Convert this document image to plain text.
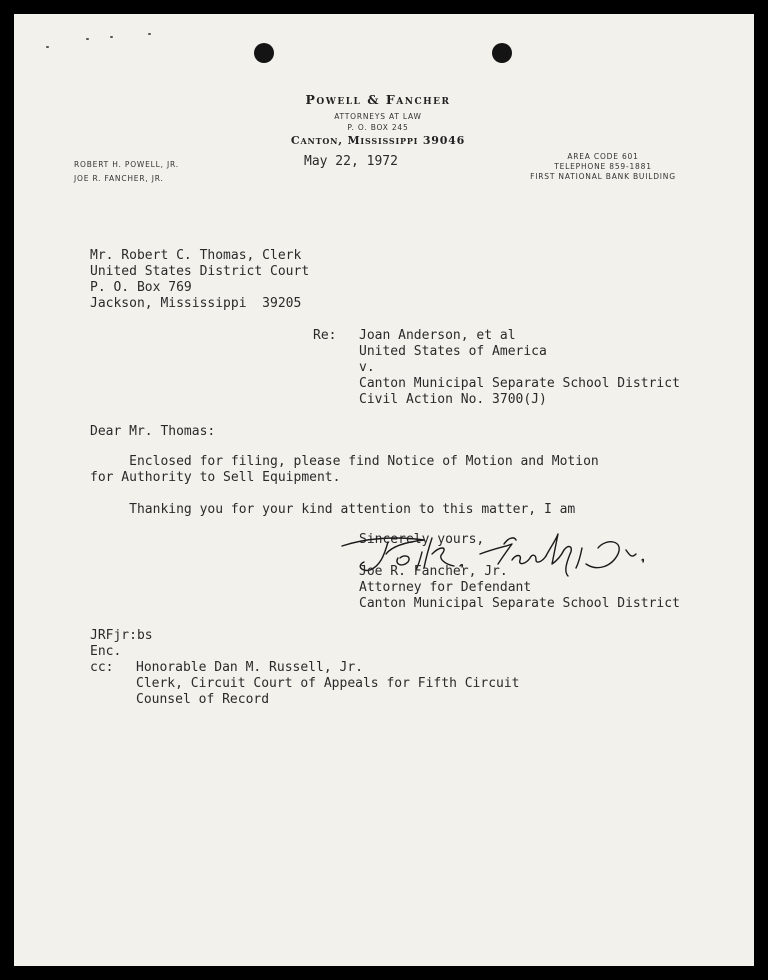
Powell & Fancher
ATTORNEYS AT LAW
P. O. BOX 245
Canton, Mississippi 39046
ROBERT H. POWELL, JR.
JOE R. FANCHER, JR.
AREA CODE 601
TELEPHONE 859-1881
FIRST NATIONAL BANK BUILDING
May 22, 1972
Mr. Robert C. Thomas, Clerk
United States District Court
P. O. Box 769
Jackson, Mississippi  39205
Re: Joan Anderson, et al
United States of America
v.
Canton Municipal Separate School District
Civil Action No. 3700(J)
Dear Mr. Thomas:
Enclosed for filing, please find Notice of Motion and Motion
for Authority to Sell Equipment.
Thanking you for your kind attention to this matter, I am
Sincerely yours,
Joe R. Fancher, Jr.
Attorney for Defendant
Canton Municipal Separate School District
JRFjr:bs
Enc.
cc: Honorable Dan M. Russell, Jr.
Clerk, Circuit Court of Appeals for Fifth Circuit
Counsel of Record
